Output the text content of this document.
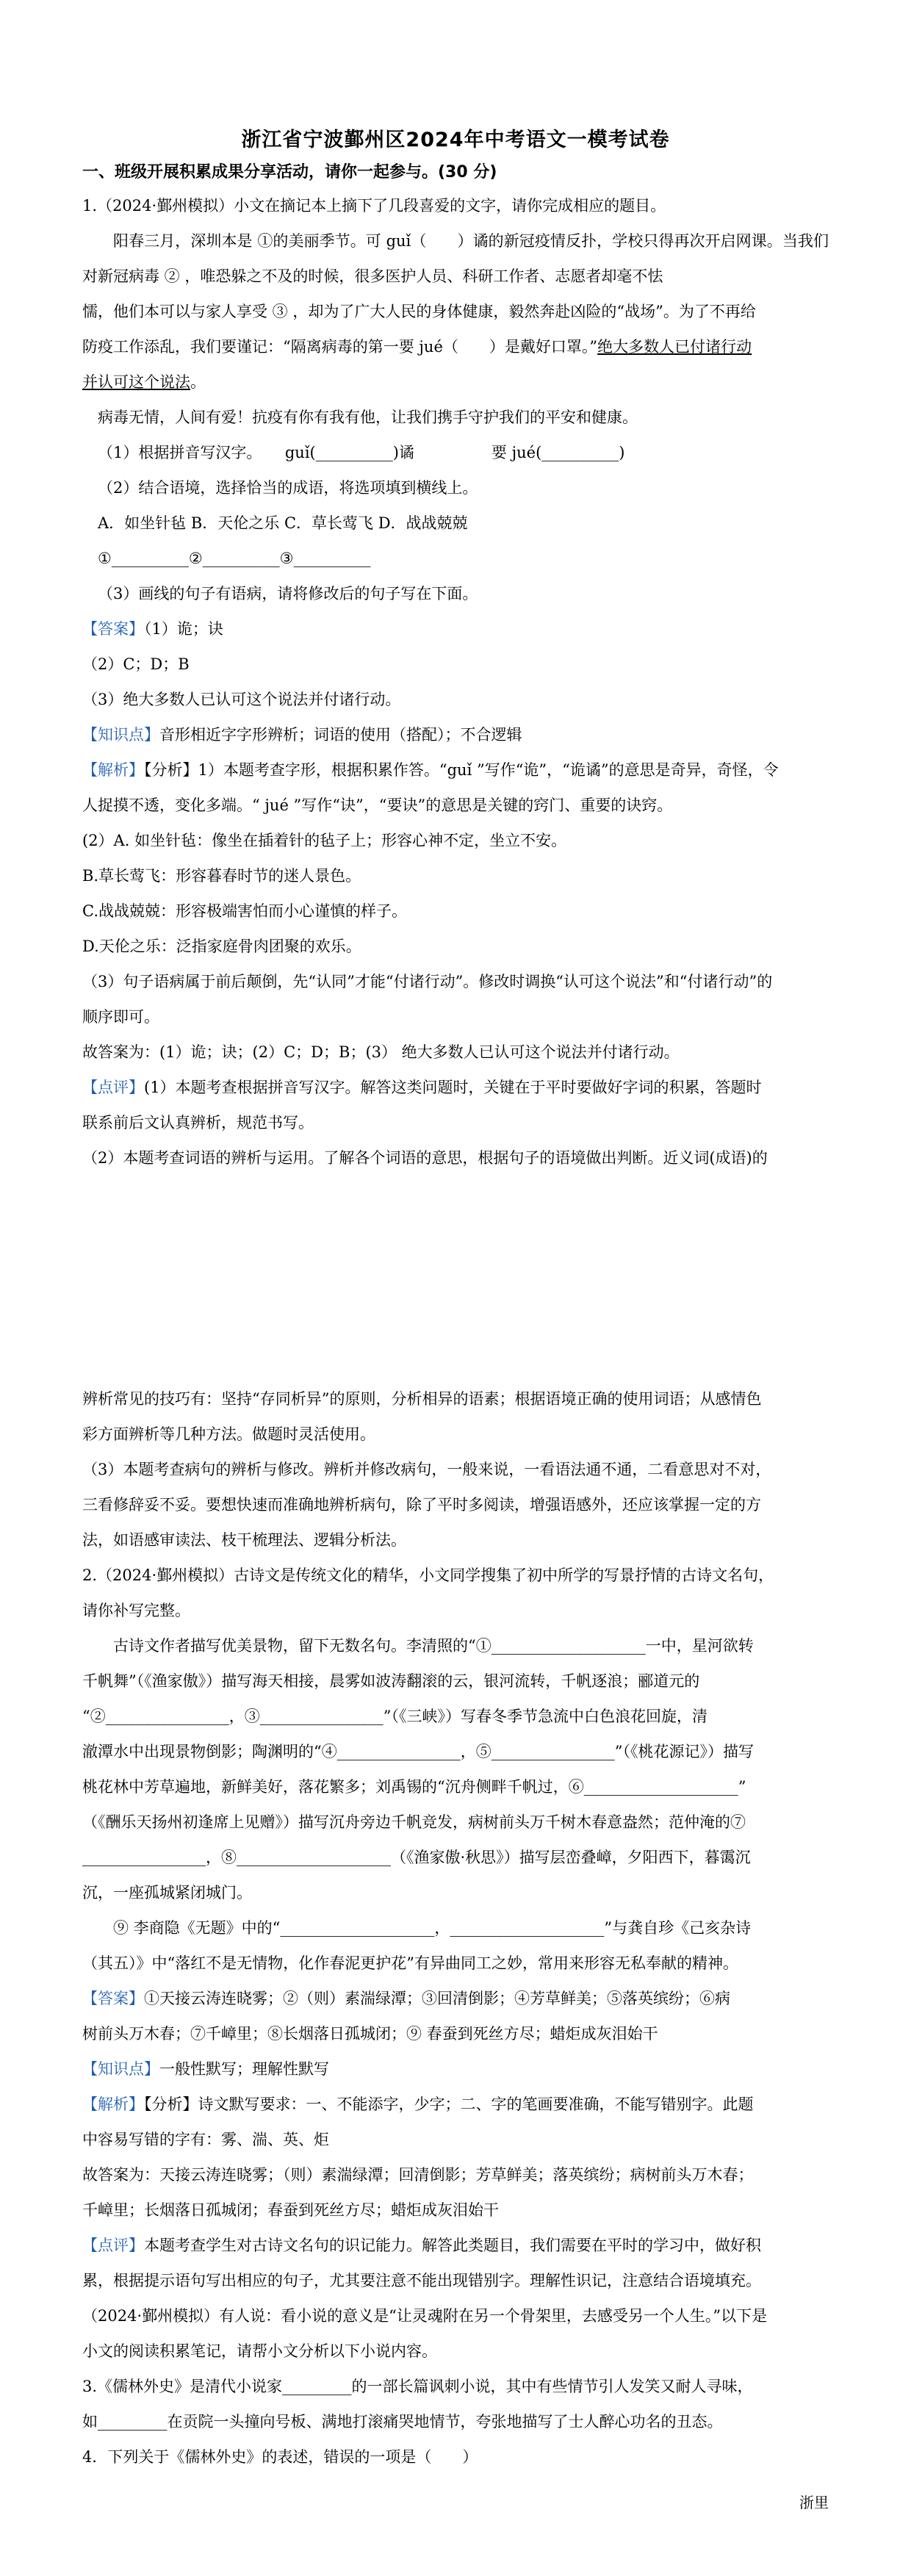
浙江省宁波鄞州区2024年中考语文一模考试卷

一、班级开展积累成果分享活动，请你一起参与。(30 分)

1.（2024·鄞州模拟）小文在摘记本上摘下了几段喜爱的文字，请你完成相应的题目。

阳春三月，深圳本是 ①的美丽季节。可 guǐ（　　）谲的新冠疫情反扑，学校只得再次开启网课。当我们对新冠病毒 ② ，唯恐躲之不及的时候，很多医护人员、科研工作者、志愿者却毫不怯

懦，他们本可以与家人享受 ③ ，却为了广大人民的身体健康，毅然奔赴凶险的“战场”。为了不再给

防疫工作添乱，我们要谨记：“隔离病毒的第一要 jué（　　）是戴好口罩。”绝大多数人已付诸行动

并认可这个说法。

病毒无情，人间有爱！抗疫有你有我有他，让我们携手守护我们的平安和健康。

（1）根据拼音写汉字。　　guǐ(__________)谲　　　　　要 jué(__________)

（2）结合语境，选择恰当的成语，将选项填到横线上。

A．如坐针毡 B．天伦之乐 C．草长莺飞 D．战战兢兢

①__________②__________③__________

（3）画线的句子有语病，请将修改后的句子写在下面。

【答案】（1）诡；诀

（2）C；D；B

（3）绝大多数人已认可这个说法并付诸行动。

【知识点】音形相近字字形辨析；词语的使用（搭配）；不合逻辑

【解析】【分析】1）本题考查字形，根据积累作答。“guǐ ”写作“诡”，“诡谲”的意思是奇异，奇怪，令

人捉摸不透，变化多端。“ jué ”写作“诀”，“要诀”的意思是关键的窍门、重要的诀窍。

(2）A. 如坐针毡：像坐在插着针的毡子上；形容心神不定，坐立不安。

B.草长莺飞：形容暮春时节的迷人景色。

C.战战兢兢：形容极端害怕而小心谨慎的样子。

D.天伦之乐：泛指家庭骨肉团聚的欢乐。

（3）句子语病属于前后颠倒，先“认同”才能“付诸行动”。修改时调换“认可这个说法”和“付诸行动”的

顺序即可。

故答案为：(1）诡；诀；(2）C；D；B；(3） 绝大多数人已认可这个说法并付诸行动。

【点评】(1）本题考查根据拼音写汉字。解答这类问题时，关键在于平时要做好字词的积累，答题时

联系前后文认真辨析，规范书写。

（2）本题考查词语的辨析与运用。了解各个词语的意思，根据句子的语境做出判断。近义词(成语)的

辨析常见的技巧有：坚持“存同析异”的原则，分析相异的语素；根据语境正确的使用词语；从感情色

彩方面辨析等几种方法。做题时灵活使用。

（3）本题考查病句的辨析与修改。辨析并修改病句，一般来说，一看语法通不通，二看意思对不对，

三看修辞妥不妥。要想快速而准确地辨析病句，除了平时多阅读，增强语感外，还应该掌握一定的方

法，如语感审读法、枝干梳理法、逻辑分析法。

2.（2024·鄞州模拟）古诗文是传统文化的精华，小文同学搜集了初中所学的写景抒情的古诗文名句，

请你补写完整。

古诗文作者描写优美景物，留下无数名句。李清照的“①____________________一中，星河欲转

千帆舞”（《渔家傲》）描写海天相接，晨雾如波涛翻滚的云，银河流转，千帆逐浪；郦道元的

“②________________，③________________”（《三峡》）写春冬季节急流中白色浪花回旋，清

澈潭水中出现景物倒影；陶渊明的“④________________，⑤________________”（《桃花源记》）描写

桃花林中芳草遍地，新鲜美好，落花繁多；刘禹锡的“沉舟侧畔千帆过，⑥____________________”

（《酬乐天扬州初逢席上见赠》）描写沉舟旁边千帆竞发，病树前头万千树木春意盎然；范仲淹的⑦

________________，⑧____________________（《渔家傲·秋思》）描写层峦叠嶂，夕阳西下，暮霭沉

沉，一座孤城紧闭城门。

⑨ 李商隐《无题》中的“____________________，____________________”与龚自珍《己亥杂诗

（其五）》中“落红不是无情物，化作春泥更护花”有异曲同工之妙，常用来形容无私奉献的精神。

【答案】①天接云涛连晓雾；②（则）素湍绿潭；③回清倒影；④芳草鲜美；⑤落英缤纷；⑥病

树前头万木春；⑦千嶂里；⑧长烟落日孤城闭；⑨ 春蚕到死丝方尽；蜡炬成灰泪始干

【知识点】一般性默写；理解性默写

【解析】【分析】诗文默写要求：一、不能添字，少字；二、字的笔画要准确，不能写错别字。此题

中容易写错的字有：雾、湍、英、炬

故答案为：天接云涛连晓雾；（则）素湍绿潭；回清倒影；芳草鲜美；落英缤纷；病树前头万木春；

千嶂里；长烟落日孤城闭；春蚕到死丝方尽；蜡炬成灰泪始干

【点评】本题考查学生对古诗文名句的识记能力。解答此类题目，我们需要在平时的学习中，做好积

累，根据提示语句写出相应的句子，尤其要注意不能出现错别字。理解性识记，注意结合语境填充。

（2024·鄞州模拟）有人说：看小说的意义是“让灵魂附在另一个骨架里，去感受另一个人生。”以下是

小文的阅读积累笔记，请帮小文分析以下小说内容。

3.《儒林外史》是清代小说家_________的一部长篇讽刺小说，其中有些情节引人发笑又耐人寻味，

如_________在贡院一头撞向号板、满地打滚痛哭地情节，夸张地描写了士人醉心功名的丑态。

4．下列关于《儒林外史》的表述，错误的一项是（　　）

浙里
